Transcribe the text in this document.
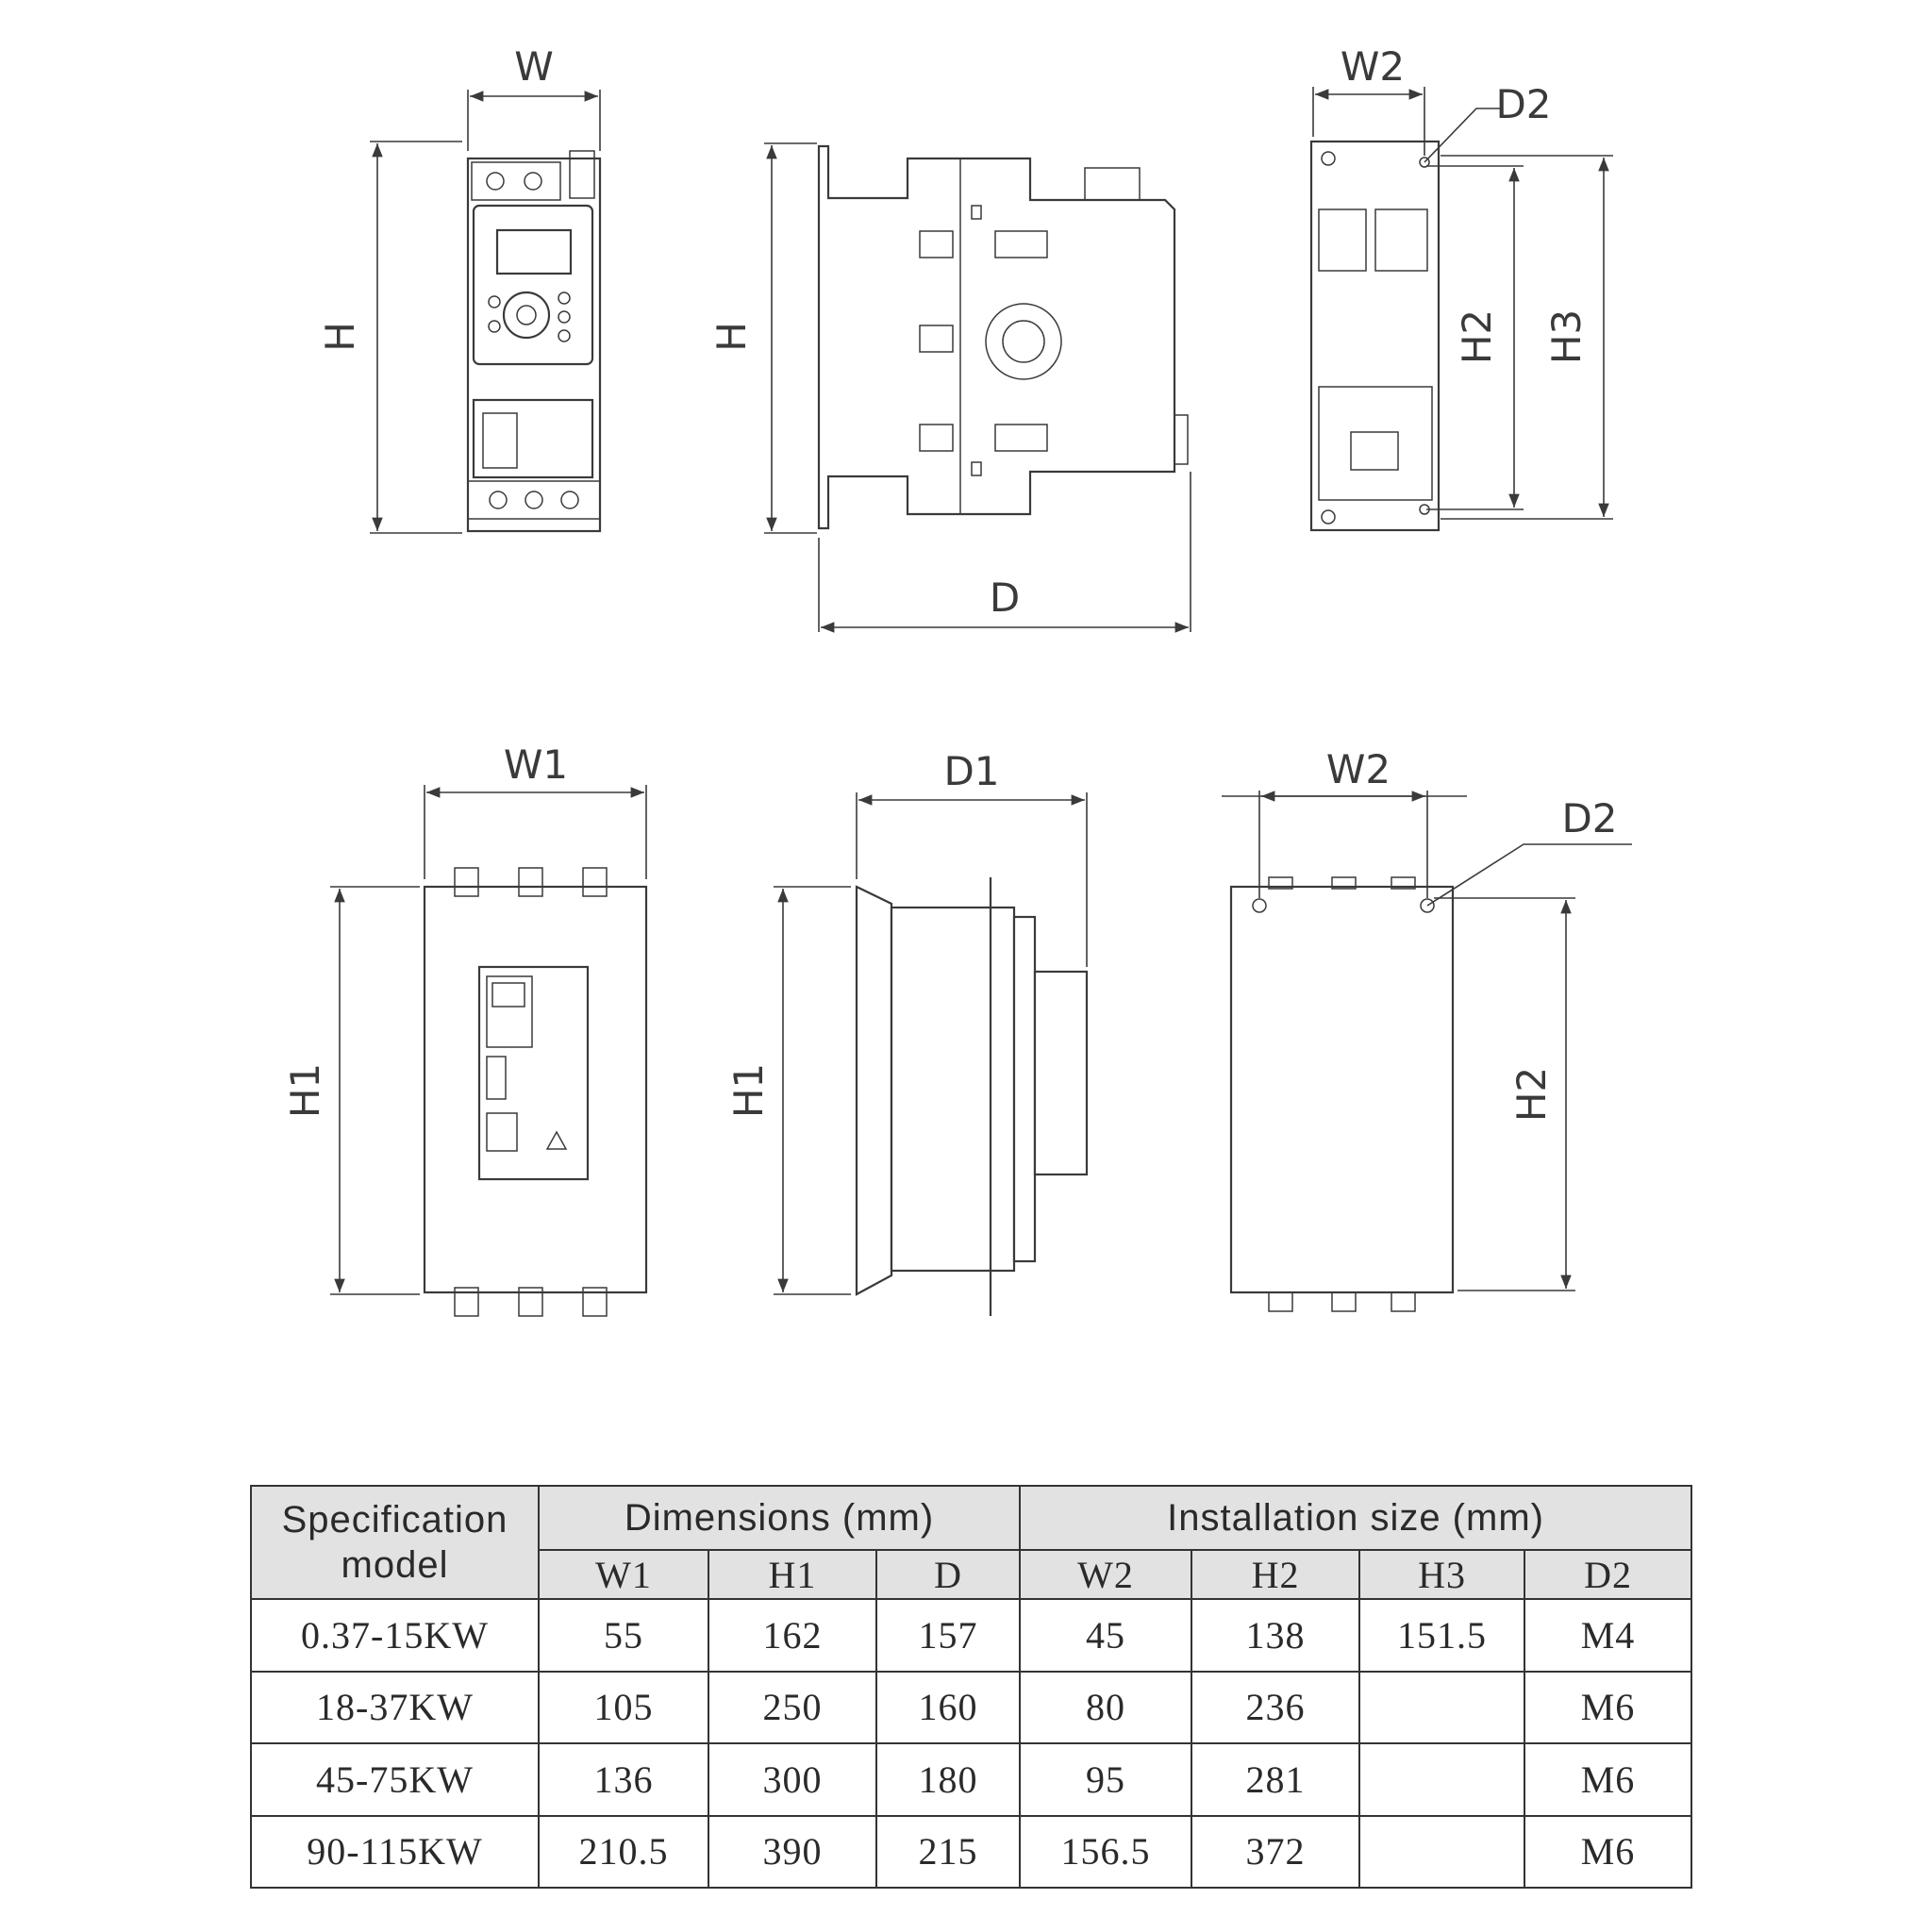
W
H	H
D
W2
D2
H2 H3
W1
H1
D1
H1
W2
D2
H2
Specification
model	Dimensions (mm)			Installation size (mm)			
	W1	H1	D	W2	H2	H3	D2
0.37-15KW	55	162	157	45	138	151.5	M4
18-37KW	105	250	160	80	236		M6
45-75KW	136	300	180	95	281		M6
90-115KW	210.5	390	215	156.5	372		M6
